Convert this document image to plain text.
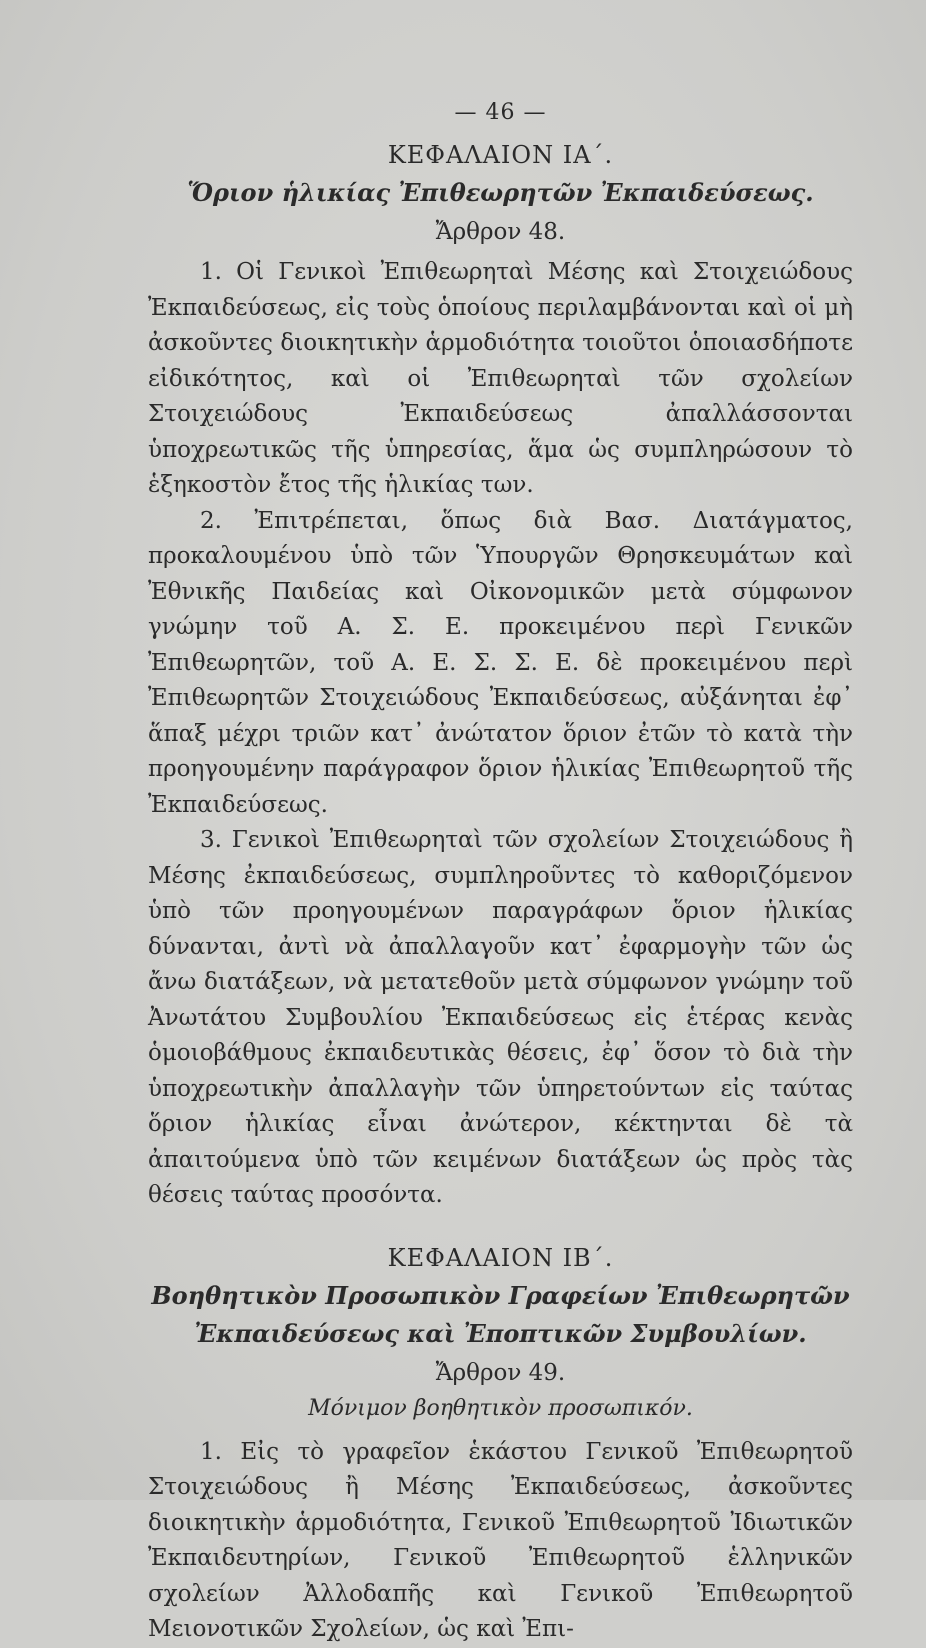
— 46 —
ΚΕΦΑΛΑΙΟΝ ΙΑ΄.
Ὅριον ἡλικίας Ἐπιθεωρητῶν Ἐκπαιδεύσεως.
Ἄρθρον 48.

1. Οἱ Γενικοὶ Ἐπιθεωρηταὶ Μέσης καὶ Στοιχειώδους Ἐκπαιδεύσεως, εἰς τοὺς ὁποίους περιλαμβάνονται καὶ οἱ μὴ ἀσκοῦντες διοικητικὴν ἁρμοδιότητα τοιοῦτοι ὁποιασδήποτε εἰδικότητος, καὶ οἱ Ἐπιθεωρηταὶ τῶν σχολείων Στοιχειώδους Ἐκπαιδεύσεως ἀπαλλάσσονται ὑποχρεωτικῶς τῆς ὑπηρεσίας, ἅμα ὡς συμπληρώσουν τὸ ἑξηκοστὸν ἔτος τῆς ἡλικίας των.

2. Ἐπιτρέπεται, ὅπως διὰ Βασ. Διατάγματος, προκαλουμένου ὑπὸ τῶν Ὑπουργῶν Θρησκευμάτων καὶ Ἐθνικῆς Παιδείας καὶ Οἰκονομικῶν μετὰ σύμφωνον γνώμην τοῦ Α. Σ. Ε. προκειμένου περὶ Γενικῶν Ἐπιθεωρητῶν, τοῦ Α. Ε. Σ. Σ. Ε. δὲ προκειμένου περὶ Ἐπιθεωρητῶν Στοιχειώδους Ἐκπαιδεύσεως, αὐξάνηται ἐφ᾿ ἅπαξ μέχρι τριῶν κατ᾿ ἀνώτατον ὅριον ἐτῶν τὸ κατὰ τὴν προηγουμένην παράγραφον ὅριον ἡλικίας Ἐπιθεωρητοῦ τῆς Ἐκπαιδεύσεως.

3. Γενικοὶ Ἐπιθεωρηταὶ τῶν σχολείων Στοιχειώδους ἢ Μέσης ἐκπαιδεύσεως, συμπληροῦντες τὸ καθοριζόμενον ὑπὸ τῶν προηγουμένων παραγράφων ὅριον ἡλικίας δύνανται, ἀντὶ νὰ ἀπαλλαγοῦν κατ᾿ ἐφαρμογὴν τῶν ὡς ἄνω διατάξεων, νὰ μετατεθοῦν μετὰ σύμφωνον γνώμην τοῦ Ἀνωτάτου Συμβουλίου Ἐκπαιδεύσεως εἰς ἑτέρας κενὰς ὁμοιοβάθμους ἐκπαιδευτικὰς θέσεις, ἐφ᾿ ὅσον τὸ διὰ τὴν ὑποχρεωτικὴν ἀπαλλαγὴν τῶν ὑπηρετούντων εἰς ταύτας ὅριον ἡλικίας εἶναι ἀνώτερον, κέκτηνται δὲ τὰ ἀπαιτούμενα ὑπὸ τῶν κειμένων διατάξεων ὡς πρὸς τὰς θέσεις ταύτας προσόντα.

ΚΕΦΑΛΑΙΟΝ ΙΒ΄.
Βοηθητικὸν Προσωπικὸν Γραφείων Ἐπιθεωρητῶν
Ἐκπαιδεύσεως καὶ Ἐποπτικῶν Συμβουλίων.
Ἄρθρον 49.
Μόνιμον βοηθητικὸν προσωπικόν.

1. Εἰς τὸ γραφεῖον ἑκάστου Γενικοῦ Ἐπιθεωρητοῦ Στοιχειώδους ἢ Μέσης Ἐκπαιδεύσεως, ἀσκοῦντες διοικητικὴν ἁρμοδιότητα, Γενικοῦ Ἐπιθεωρητοῦ Ἰδιωτικῶν Ἐκπαιδευτηρίων, Γενικοῦ Ἐπιθεωρητοῦ ἑλληνικῶν σχολείων Ἀλλοδαπῆς καὶ Γενικοῦ Ἐπιθεωρητοῦ Μειονοτικῶν Σχολείων, ὡς καὶ Ἐπι-
